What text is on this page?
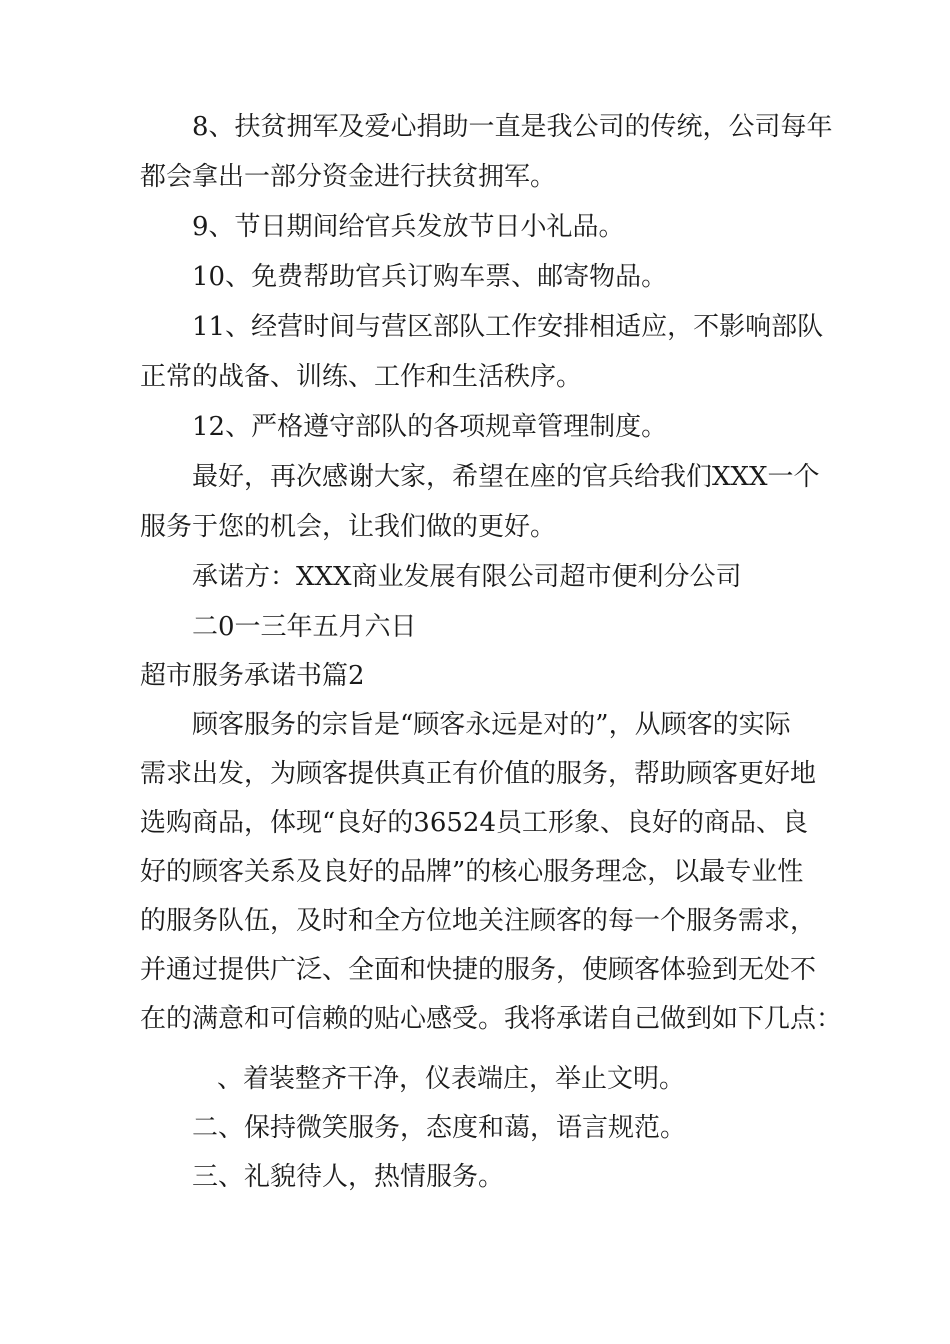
8、扶贫拥军及爱心捐助一直是我公司的传统，公司每年
都会拿出一部分资金进行扶贫拥军。
9、节日期间给官兵发放节日小礼品。
10、免费帮助官兵订购车票、邮寄物品。
11、经营时间与营区部队工作安排相适应，不影响部队
正常的战备、训练、工作和生活秩序。
12、严格遵守部队的各项规章管理制度。
最好，再次感谢大家，希望在座的官兵给我们XXX一个
服务于您的机会，让我们做的更好。
承诺方：XXX商业发展有限公司超市便利分公司
二0一三年五月六日
超市服务承诺书篇2
顾客服务的宗旨是“顾客永远是对的”，从顾客的实际
需求出发，为顾客提供真正有价值的服务，帮助顾客更好地
选购商品，体现“良好的36524员工形象、良好的商品、良
好的顾客关系及良好的品牌”的核心服务理念，以最专业性
的服务队伍，及时和全方位地关注顾客的每一个服务需求，
并通过提供广泛、全面和快捷的服务，使顾客体验到无处不
在的满意和可信赖的贴心感受。我将承诺自己做到如下几点：
、着装整齐干净，仪表端庄，举止文明。
二、保持微笑服务，态度和蔼，语言规范。
三、礼貌待人，热情服务。
